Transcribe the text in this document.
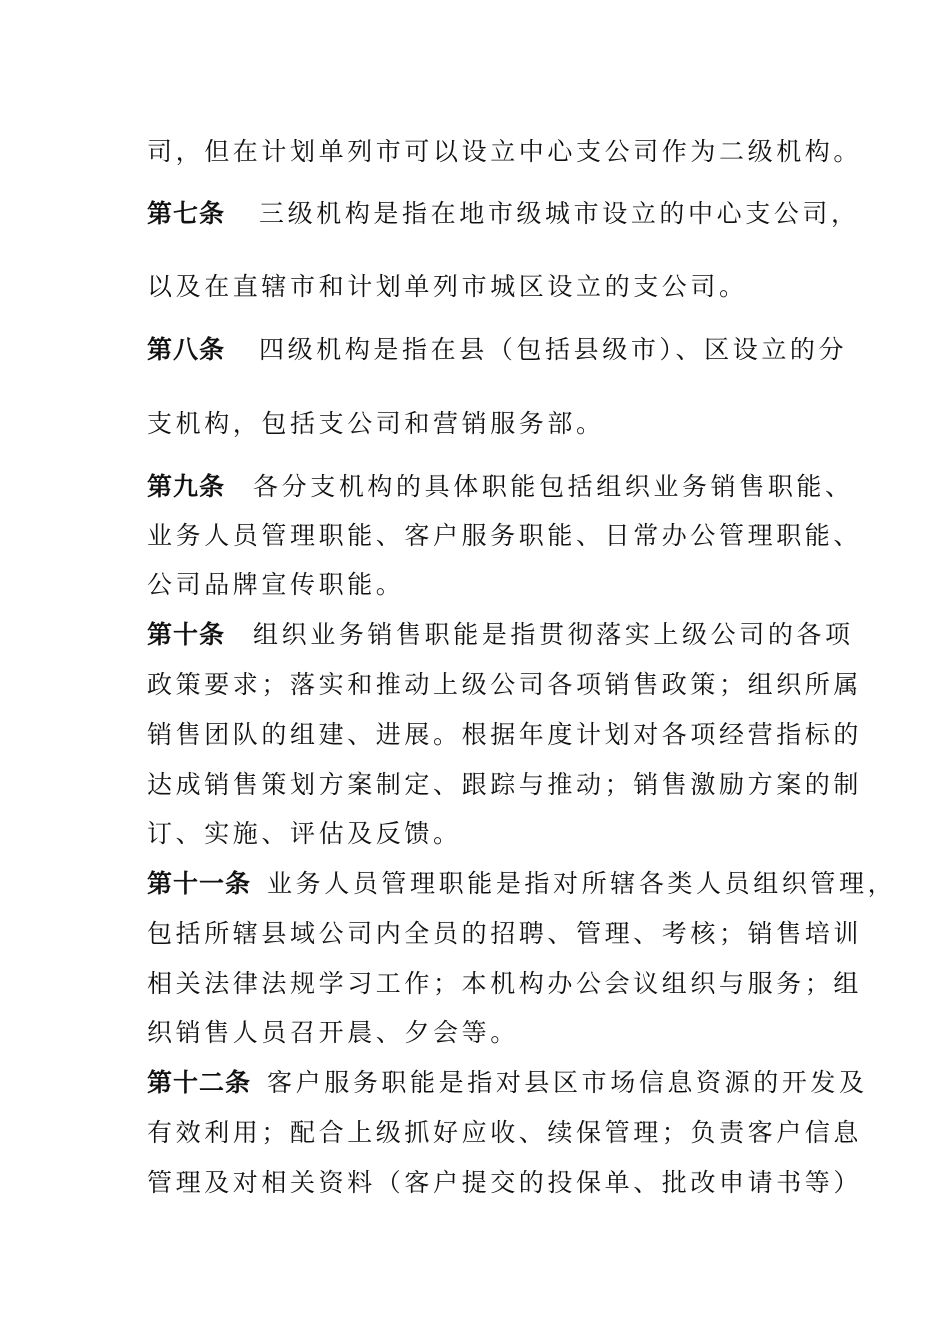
司，但在计划单列市可以设立中心支公司作为二级机构。
第七条 三级机构是指在地市级城市设立的中心支公司，
以及在直辖市和计划单列市城区设立的支公司。
第八条 四级机构是指在县（包括县级市）、区设立的分
支机构，包括支公司和营销服务部。
第九条 各分支机构的具体职能包括组织业务销售职能、
业务人员管理职能、客户服务职能、日常办公管理职能、
公司品牌宣传职能。
第十条 组织业务销售职能是指贯彻落实上级公司的各项
政策要求；落实和推动上级公司各项销售政策；组织所属
销售团队的组建、进展。根据年度计划对各项经营指标的
达成销售策划方案制定、跟踪与推动；销售激励方案的制
订、实施、评估及反馈。
第十一条 业务人员管理职能是指对所辖各类人员组织管理，
包括所辖县域公司内全员的招聘、管理、考核；销售培训
相关法律法规学习工作；本机构办公会议组织与服务；组
织销售人员召开晨、夕会等。
第十二条 客户服务职能是指对县区市场信息资源的开发及
有效利用；配合上级抓好应收、续保管理；负责客户信息
管理及对相关资料（客户提交的投保单、批改申请书等）
